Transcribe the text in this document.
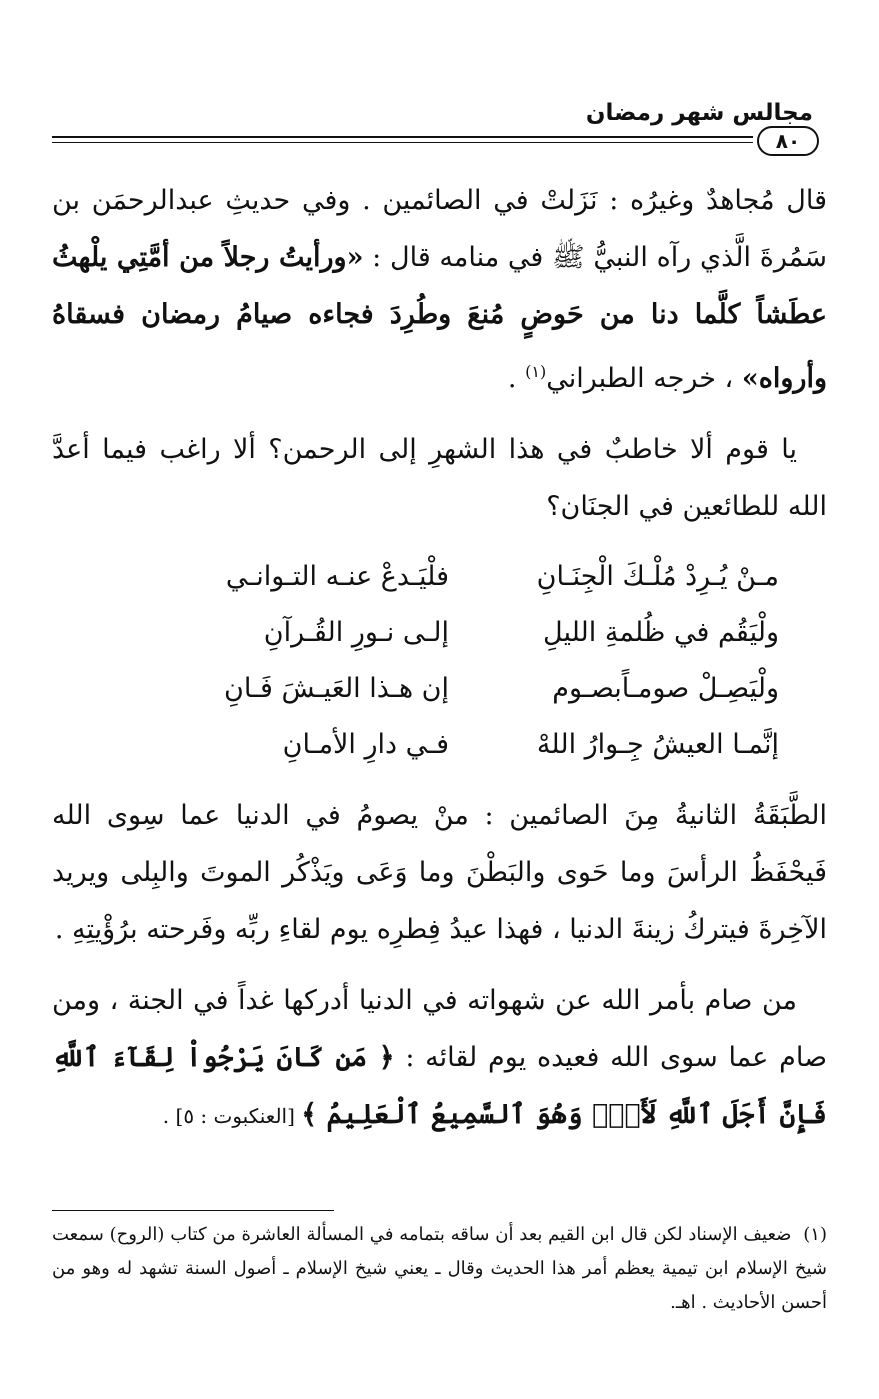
مجالس شهر رمضان
٨٠

قال مُجاهدٌ وغيرُه : نَزَلتْ في الصائمين . وفي حديثِ عبدالرحمَن بن سَمُرةَ الَّذي رآه النبيُّ ﷺ في منامه قال : «ورأيتُ رجلاً من أمَّتِي يلْهثُ عطَشاً كلَّما دنا من حَوضٍ مُنعَ وطُرِدَ فجاءه صيامُ رمضان فسقاهُ وأرواه» ، خرجه الطبراني$^{(١)}$ .

يا قوم ألا خاطبٌ في هذا الشهرِ إلى الرحمن؟ ألا راغب فيما أعدَّ الله للطائعين في الجنَان؟

مـنْ يُـرِدْ مُلْـكَ الْجِنَـانِ
فلْيَـدعْ عنـه التـوانـي
ولْيَقُم في ظُلمةِ الليلِ
إلـى نـورِ القُـرآنِ
ولْيَصِـلْ صومـاًبصـوم
إن هـذا العَيـشَ فَـانِ
إنَّمـا العيشُ جِـوارُ اللهْ
فـي دارِ الأمـانِ

الطَّبَقَةُ الثانيةُ مِنَ الصائمين : منْ يصومُ في الدنيا عما سِوى الله فَيحْفَظُ الرأسَ وما حَوى والبَطْنَ وما وَعَى ويَذْكُر الموتَ والبِلى ويريد الآخِرةَ فيتركُ زينةَ الدنيا ، فهذا عيدُ فِطرِه يوم لقاءِ ربِّه وفَرحته برُؤْيتِهِ .

من صام بأمر الله عن شهواته في الدنيا أدركها غداً في الجنة ، ومن صام عما سوى الله فعيده يوم لقائه : ﴿ مَن كَانَ يَرْجُواْ لِقَآءَ ٱللَّهِ فَإِنَّ أَجَلَ ٱللَّهِ لَأَتٍۚ وَهُوَ ٱلسَّمِيعُ ٱلْعَلِيمُ ﴾ [العنكبوت : ٥] .

(١) ضعيف الإسناد لكن قال ابن القيم بعد أن ساقه بتمامه في المسألة العاشرة من كتاب (الروح) سمعت شيخ الإسلام ابن تيمية يعظم أمر هذا الحديث وقال ـ يعني شيخ الإسلام ـ أصول السنة تشهد له وهو من أحسن الأحاديث . اهـ.
